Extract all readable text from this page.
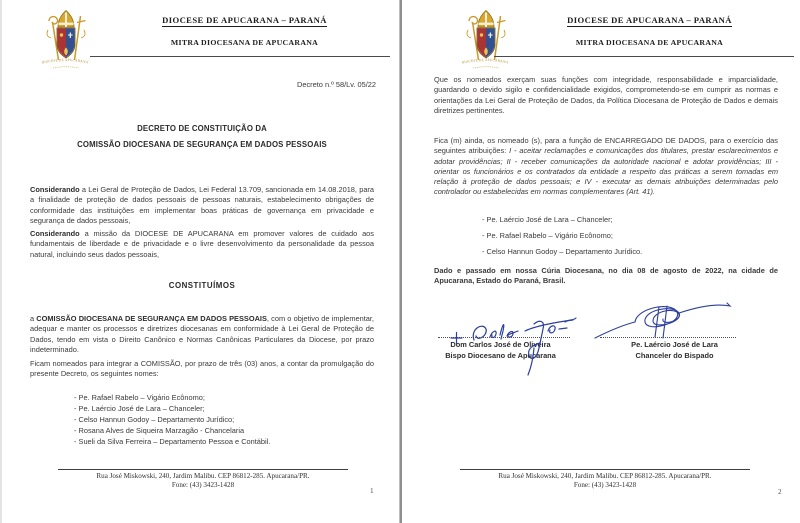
DIOCESE DE APUCARANA
DIOCESE DE APUCARANA – PARANÁ
MITRA DIOCESANA DE APUCARANA
Decreto n.º 58/Lv. 05/22
DECRETO DE CONSTITUIÇÃO DA
COMISSÃO DIOCESANA DE SEGURANÇA EM DADOS PESSOAIS

Considerando a Lei Geral de Proteção de Dados, Lei Federal 13.709, sancionada em 14.08.2018, para a finalidade de proteção de dados pessoais de pessoas naturais, estabelecimento obrigações de conformidade das instituições em implementar boas práticas de governança em privacidade e segurança de dados pessoais,

Considerando a missão da DIOCESE DE APUCARANA em promover valores de cuidado aos fundamentais de liberdade e de privacidade e o livre desenvolvimento da personalidade da pessoa natural, incluindo seus dados pessoais,

CONSTITUÍMOS

a COMISSÃO DIOCESANA DE SEGURANÇA EM DADOS PESSOAIS, com o objetivo de implementar, adequar e manter os processos e diretrizes diocesanas em conformidade à Lei Geral de Proteção de Dados, tendo em vista o Direito Canônico e Normas Canônicas Particulares da Diocese, por prazo indeterminado.

Ficam nomeados para integrar a COMISSÃO, por prazo de três (03) anos, a contar da promulgação do presente Decreto, os seguintes nomes:

- Pe. Rafael Rabelo – Vigário Ecônomo;
- Pe. Laércio José de Lara – Chanceler;
- Celso Hannun Godoy – Departamento Jurídico;
- Rosana Alves de Siqueira Marzagão - Chancelaria
- Sueli da Silva Ferreira – Departamento Pessoa e Contábil.
Rua José Miskowski, 240, Jardim Malibu. CEP 86812-285. Apucarana/PR.
Fone: (43) 3423-1428
1
DIOCESE DE APUCARANA
DIOCESE DE APUCARANA – PARANÁ
MITRA DIOCESANA DE APUCARANA

Que os nomeados exerçam suas funções com integridade, responsabilidade e imparcialidade, guardando o devido sigilo e confidencialidade exigidos, comprometendo-se em cumprir as normas e orientações da Lei Geral de Proteção de Dados, da Política Diocesana de Proteção de Dados e demais diretrizes pertinentes.

Fica (m) ainda, os nomeado (s), para a função de ENCARREGADO DE DADOS, para o exercício das seguintes atribuições: I - aceitar reclamações e comunicações dos titulares, prestar esclarecimentos e adotar providências; II - receber comunicações da autoridade nacional e adotar providências; III - orientar os funcionários e os contratados da entidade a respeito das práticas a serem tomadas em relação à proteção de dados pessoais; e IV - executar as demais atribuições determinadas pelo controlador ou estabelecidas em normas complementares (Art. 41).

- Pe. Laércio José de Lara – Chanceler;
- Pe. Rafael Rabelo – Vigário Ecônomo;
- Celso Hannun Godoy – Departamento Jurídico.

Dado e passado em nossa Cúria Diocesana, no dia 08 de agosto de 2022, na cidade de Apucarana, Estado do Paraná, Brasil.

Dom Carlos José de Oliveira
Bispo Diocesano de Apucarana
Pe. Laércio José de Lara
Chanceler do Bispado
Rua José Miskowski, 240, Jardim Malibu. CEP 86812-285. Apucarana/PR.
Fone: (43) 3423-1428
2
